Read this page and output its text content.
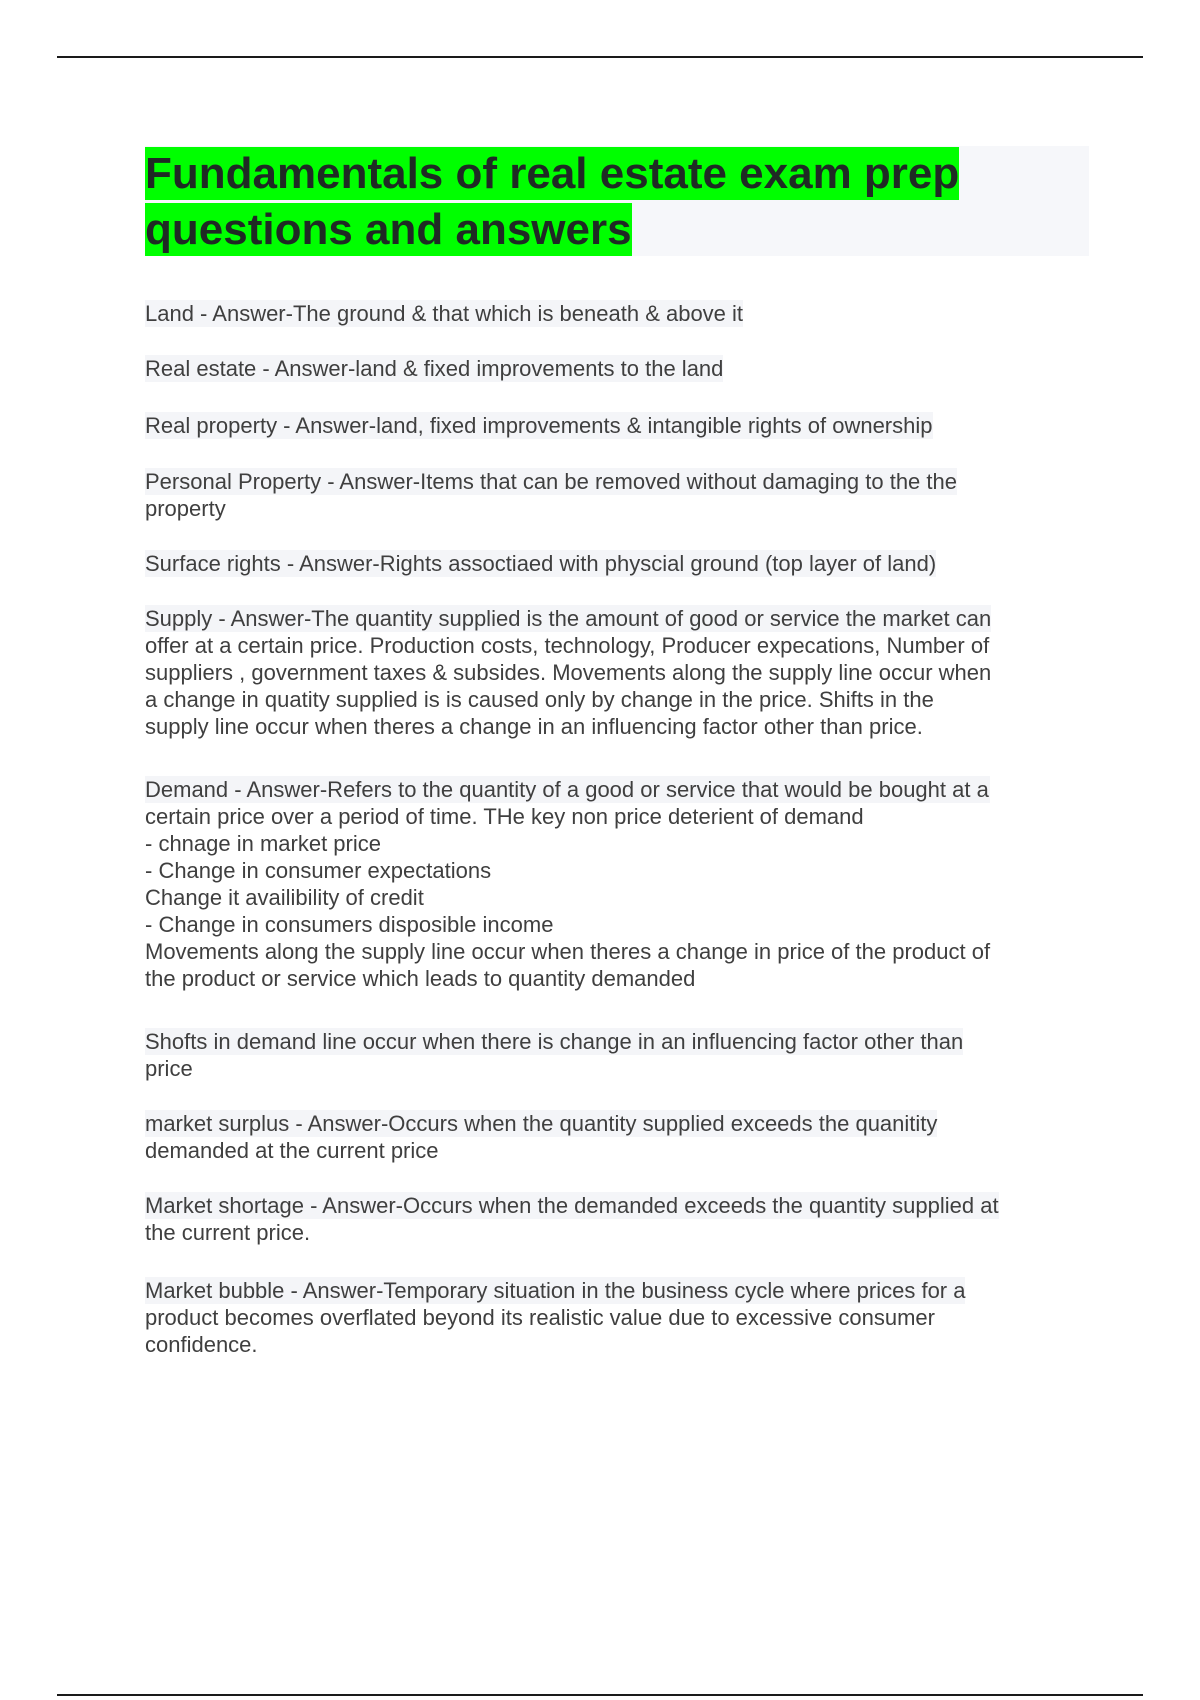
Fundamentals of real estate exam prep
questions and answers

Land - Answer-The ground & that which is beneath & above it

Real estate - Answer-land & fixed improvements to the land

Real property - Answer-land, fixed improvements & intangible rights of ownership

Personal Property - Answer-Items that can be removed without damaging to the the
property

Surface rights - Answer-Rights assoctiaed with physcial ground (top layer of land)

Supply - Answer-The quantity supplied is the amount of good or service the market can
offer at a certain price. Production costs, technology, Producer expecations, Number of
suppliers , government taxes & subsides. Movements along the supply line occur when
a change in quatity supplied is is caused only by change in the price. Shifts in the
supply line occur when theres a change in an influencing factor other than price.

Demand - Answer-Refers to the quantity of a good or service that would be bought at a
certain price over a period of time. THe key non price deterient of demand
- chnage in market price
- Change in consumer expectations
Change it availibility of credit
- Change in consumers disposible income
Movements along the supply line occur when theres a change in price of the product of
the product or service which leads to quantity demanded

Shofts in demand line occur when there is change in an influencing factor other than
price

market surplus - Answer-Occurs when the quantity supplied exceeds the quanitity
demanded at the current price

Market shortage - Answer-Occurs when the demanded exceeds the quantity supplied at
the current price.

Market bubble - Answer-Temporary situation in the business cycle where prices for a
product becomes overflated beyond its realistic value due to excessive consumer
confidence.
